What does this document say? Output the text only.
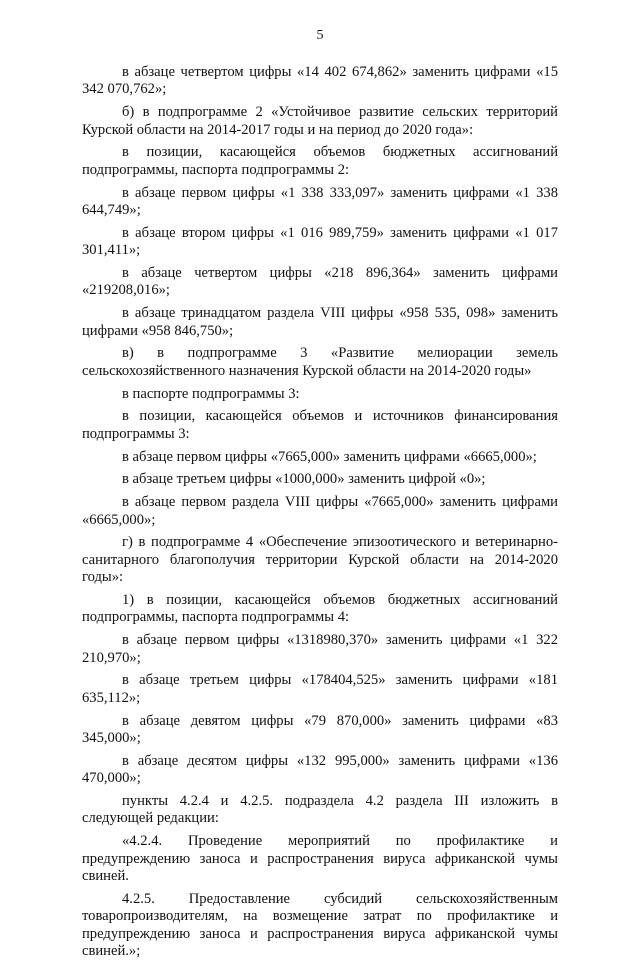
5

в абзаце четвертом цифры «14 402 674,862» заменить цифрами «15 342 070,762»;

б) в подпрограмме 2 «Устойчивое развитие сельских территорий Курской области на 2014-2017 годы и на период до 2020 года»:

в позиции, касающейся объемов бюджетных ассигнований подпрограммы, паспорта подпрограммы 2:

в абзаце первом цифры «1 338 333,097» заменить цифрами «1 338 644,749»;

в абзаце втором цифры «1 016 989,759» заменить цифрами «1 017 301,411»;

в абзаце четвертом цифры «218 896,364» заменить цифрами «219208,016»;

в абзаце тринадцатом раздела VIII цифры «958 535, 098» заменить цифрами «958 846,750»;

в) в подпрограмме 3 «Развитие мелиорации земель сельскохозяйственного назначения Курской области на 2014-2020 годы»

в паспорте подпрограммы 3:

в позиции, касающейся объемов и источников финансирования подпрограммы 3:

в абзаце первом цифры «7665,000» заменить цифрами «6665,000»;

в абзаце третьем цифры «1000,000» заменить цифрой «0»;

в абзаце первом раздела VIII цифры «7665,000» заменить цифрами «6665,000»;

г) в подпрограмме 4 «Обеспечение эпизоотического и ветеринарно-санитарного благополучия территории Курской области на 2014-2020 годы»:

1) в позиции, касающейся объемов бюджетных ассигнований подпрограммы, паспорта подпрограммы 4:

в абзаце первом цифры «1318980,370» заменить цифрами «1 322 210,970»;

в абзаце третьем цифры «178404,525» заменить цифрами «181 635,112»;

в абзаце девятом цифры «79 870,000» заменить цифрами «83 345,000»;

в абзаце десятом цифры «132 995,000» заменить цифрами «136 470,000»;

пункты 4.2.4 и 4.2.5. подраздела 4.2 раздела III изложить в следующей редакции:

«4.2.4. Проведение мероприятий по профилактике и предупреждению заноса и распространения вируса африканской чумы свиней.

4.2.5. Предоставление субсидий сельскохозяйственным товаропроизводителям, на возмещение затрат по профилактике и предупреждению заноса и распространения вируса африканской чумы свиней.»;
